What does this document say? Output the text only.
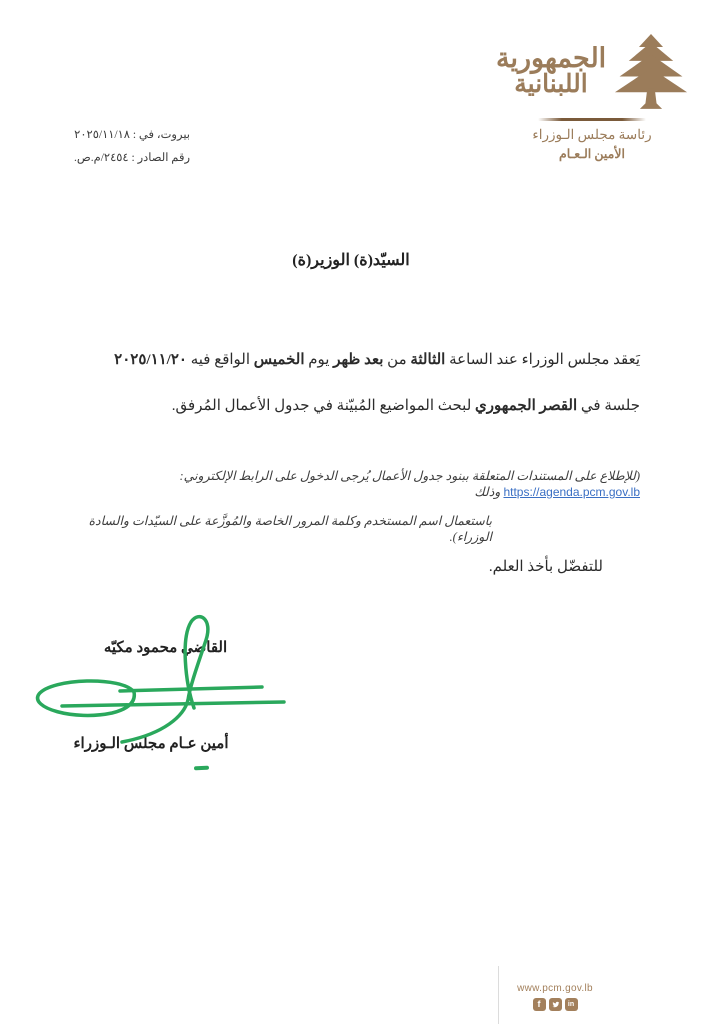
الجمهورية
اللبنانية
رئاسة مجلس الـوزراء
الأمين الـعـام
بيروت، في : ٢٠٢٥/١١/١٨
رقم الصادر : ٢٤٥٤/م.ص.
السيّد(ة) الوزير(ة)
يَعقد مجلس الوزراء عند الساعة الثالثة من بعد ظهر يوم الخميس الواقع فيه ٢٠٢٥/١١/٢٠
جلسة في القصر الجمهوري لبحث المواضيع المُبيّنة في جدول الأعمال المُرفق.
(للإطلاع على المستندات المتعلقة ببنود جدول الأعمال يُرجى الدخول على الرابط الإلكتروني: https://agenda.pcm.gov.lb وذلك
باستعمال اسم المستخدم وكلمة المرور الخاصة والمُوزَّعة على السيّدات والسادة الوزراء).
للتفضّل بأخذ العلم.
القاضي محمود مكيّه
أمين عـام مجلس الـوزراء
www.pcm.gov.lb
f	in
